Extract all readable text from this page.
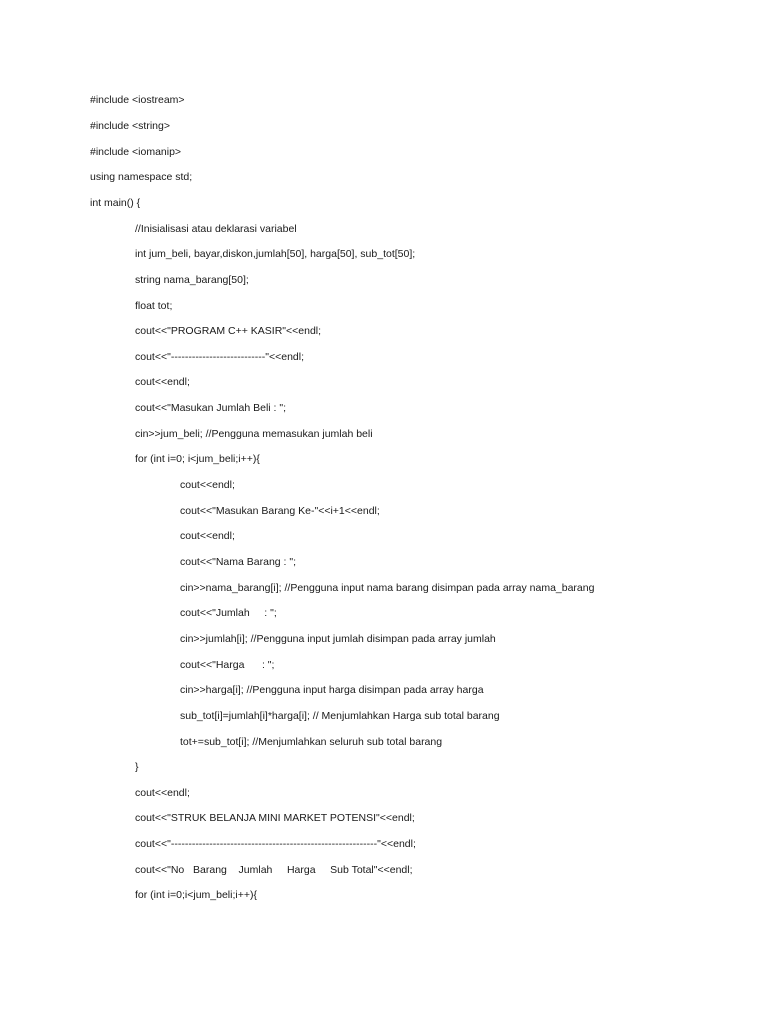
#include <iostream>
#include <string>
#include <iomanip>
using namespace std;
int main() {
//Inisialisasi atau deklarasi variabel
int jum_beli, bayar,diskon,jumlah[50], harga[50], sub_tot[50];
string nama_barang[50];
float tot;
cout<<"PROGRAM C++ KASIR"<<endl;
cout<<"---------------------------"<<endl;
cout<<endl;
cout<<"Masukan Jumlah Beli : ";
cin>>jum_beli; //Pengguna memasukan jumlah beli
for (int i=0; i<jum_beli;i++){
cout<<endl;
cout<<"Masukan Barang Ke-"<<i+1<<endl;
cout<<endl;
cout<<"Nama Barang : ";
cin>>nama_barang[i]; //Pengguna input nama barang disimpan pada array nama_barang
cout<<"Jumlah     : ";
cin>>jumlah[i]; //Pengguna input jumlah disimpan pada array jumlah
cout<<"Harga      : ";
cin>>harga[i]; //Pengguna input harga disimpan pada array harga
sub_tot[i]=jumlah[i]*harga[i]; // Menjumlahkan Harga sub total barang
tot+=sub_tot[i]; //Menjumlahkan seluruh sub total barang
}
cout<<endl;
cout<<"STRUK BELANJA MINI MARKET POTENSI"<<endl;
cout<<"-----------------------------------------------------------"<<endl;
cout<<"No   Barang    Jumlah     Harga     Sub Total"<<endl;
for (int i=0;i<jum_beli;i++){
